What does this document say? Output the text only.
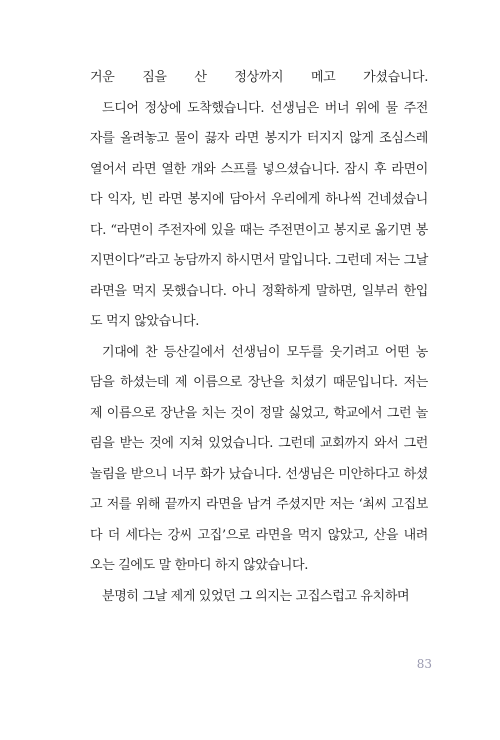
거운 짐을 산 정상까지 메고 가셨습니다.
드디어 정상에 도착했습니다. 선생님은 버너 위에 물 주전
자를 올려놓고 물이 끓자 라면 봉지가 터지지 않게 조심스레
열어서 라면 열한 개와 스프를 넣으셨습니다. 잠시 후 라면이
다 익자, 빈 라면 봉지에 담아서 우리에게 하나씩 건네셨습니
다. “라면이 주전자에 있을 때는 주전면이고 봉지로 옮기면 봉
지면이다”라고 농담까지 하시면서 말입니다. 그런데 저는 그날
라면을 먹지 못했습니다. 아니 정확하게 말하면, 일부러 한입
도 먹지 않았습니다.
기대에 찬 등산길에서 선생님이 모두를 웃기려고 어떤 농
담을 하셨는데 제 이름으로 장난을 치셨기 때문입니다. 저는
제 이름으로 장난을 치는 것이 정말 싫었고, 학교에서 그런 놀
림을 받는 것에 지쳐 있었습니다. 그런데 교회까지 와서 그런
놀림을 받으니 너무 화가 났습니다. 선생님은 미안하다고 하셨
고 저를 위해 끝까지 라면을 남겨 주셨지만 저는 ‘최씨 고집보
다 더 세다는 강씨 고집’으로 라면을 먹지 않았고, 산을 내려
오는 길에도 말 한마디 하지 않았습니다.
분명히 그날 제게 있었던 그 의지는 고집스럽고 유치하며
83
